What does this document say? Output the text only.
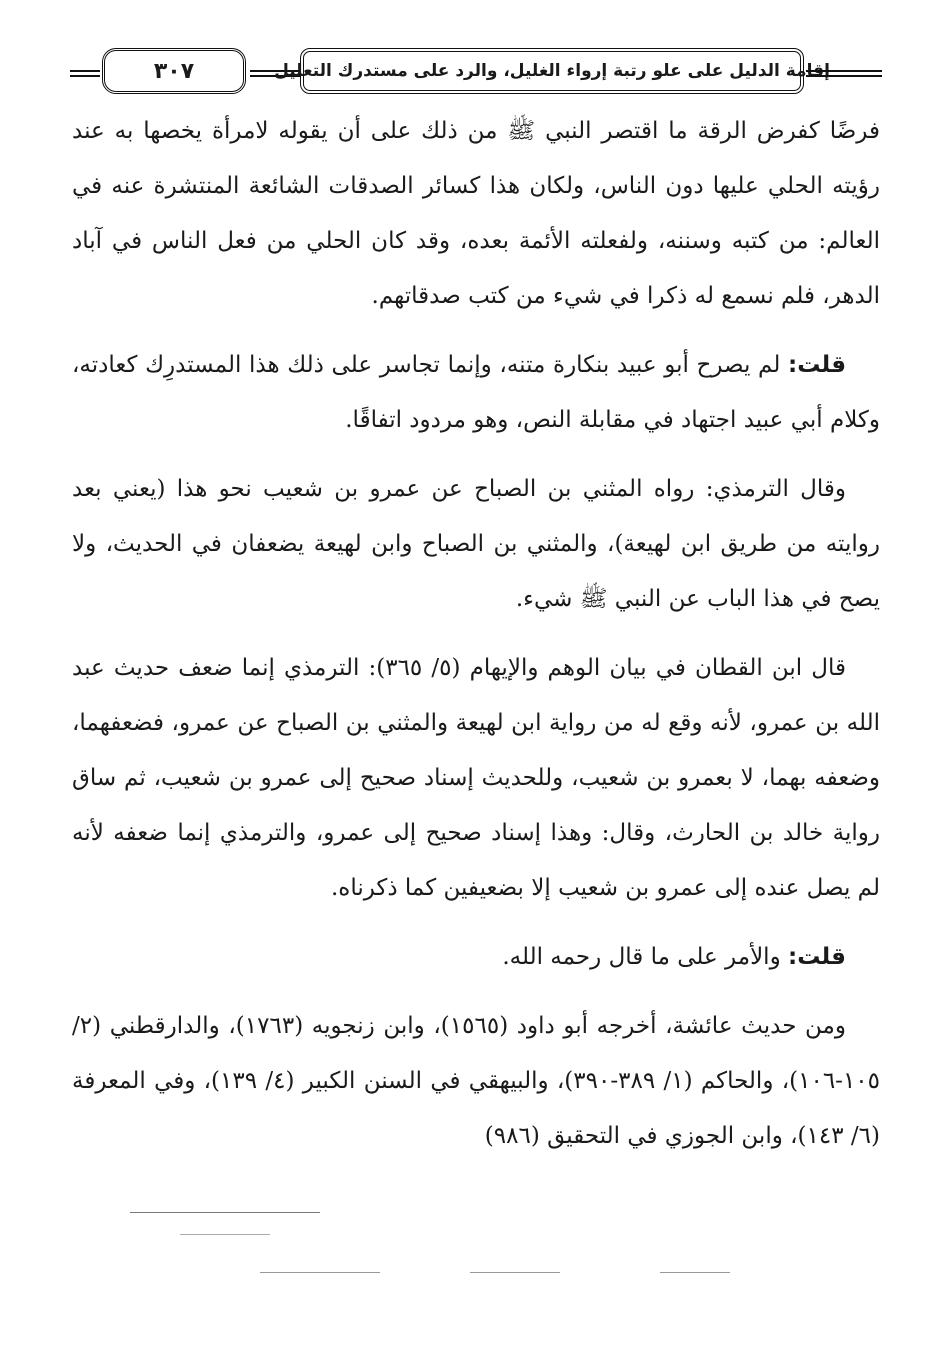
٣٠٧	إقامة الدليل على علو رتبة إرواء الغليل، والرد على مستدرك التعليل

فرضًا كفرض الرقة ما اقتصر النبي ﷺ من ذلك على أن يقوله لامرأة يخصها به عند رؤيته الحلي عليها دون الناس، ولكان هذا كسائر الصدقات الشائعة المنتشرة عنه في العالم: من كتبه وسننه، ولفعلته الأئمة بعده، وقد كان الحلي من فعل الناس في آباد الدهر، فلم نسمع له ذكرا في شيء من كتب صدقاتهم.

قلت: لم يصرح أبو عبيد بنكارة متنه، وإنما تجاسر على ذلك هذا المستدرِك كعادته، وكلام أبي عبيد اجتهاد في مقابلة النص، وهو مردود اتفاقًا.

وقال الترمذي: رواه المثني بن الصباح عن عمرو بن شعيب نحو هذا (يعني بعد روايته من طريق ابن لهيعة)، والمثني بن الصباح وابن لهيعة يضعفان في الحديث، ولا يصح في هذا الباب عن النبي ﷺ شيء.

قال ابن القطان في بيان الوهم والإيهام (٥/ ٣٦٥): الترمذي إنما ضعف حديث عبد الله بن عمرو، لأنه وقع له من رواية ابن لهيعة والمثني بن الصباح عن عمرو، فضعفهما، وضعفه بهما، لا بعمرو بن شعيب، وللحديث إسناد صحيح إلى عمرو بن شعيب، ثم ساق رواية خالد بن الحارث، وقال: وهذا إسناد صحيح إلى عمرو، والترمذي إنما ضعفه لأنه لم يصل عنده إلى عمرو بن شعيب إلا بضعيفين كما ذكرناه.

قلت: والأمر على ما قال رحمه الله.

ومن حديث عائشة، أخرجه أبو داود (١٥٦٥)، وابن زنجويه (١٧٦٣)، والدارقطني (٢/ ١٠٥-١٠٦)، والحاكم (١/ ٣٨٩-٣٩٠)، والبيهقي في السنن الكبير (٤/ ١٣٩)، وفي المعرفة (٦/ ١٤٣)، وابن الجوزي في التحقيق (٩٨٦)
